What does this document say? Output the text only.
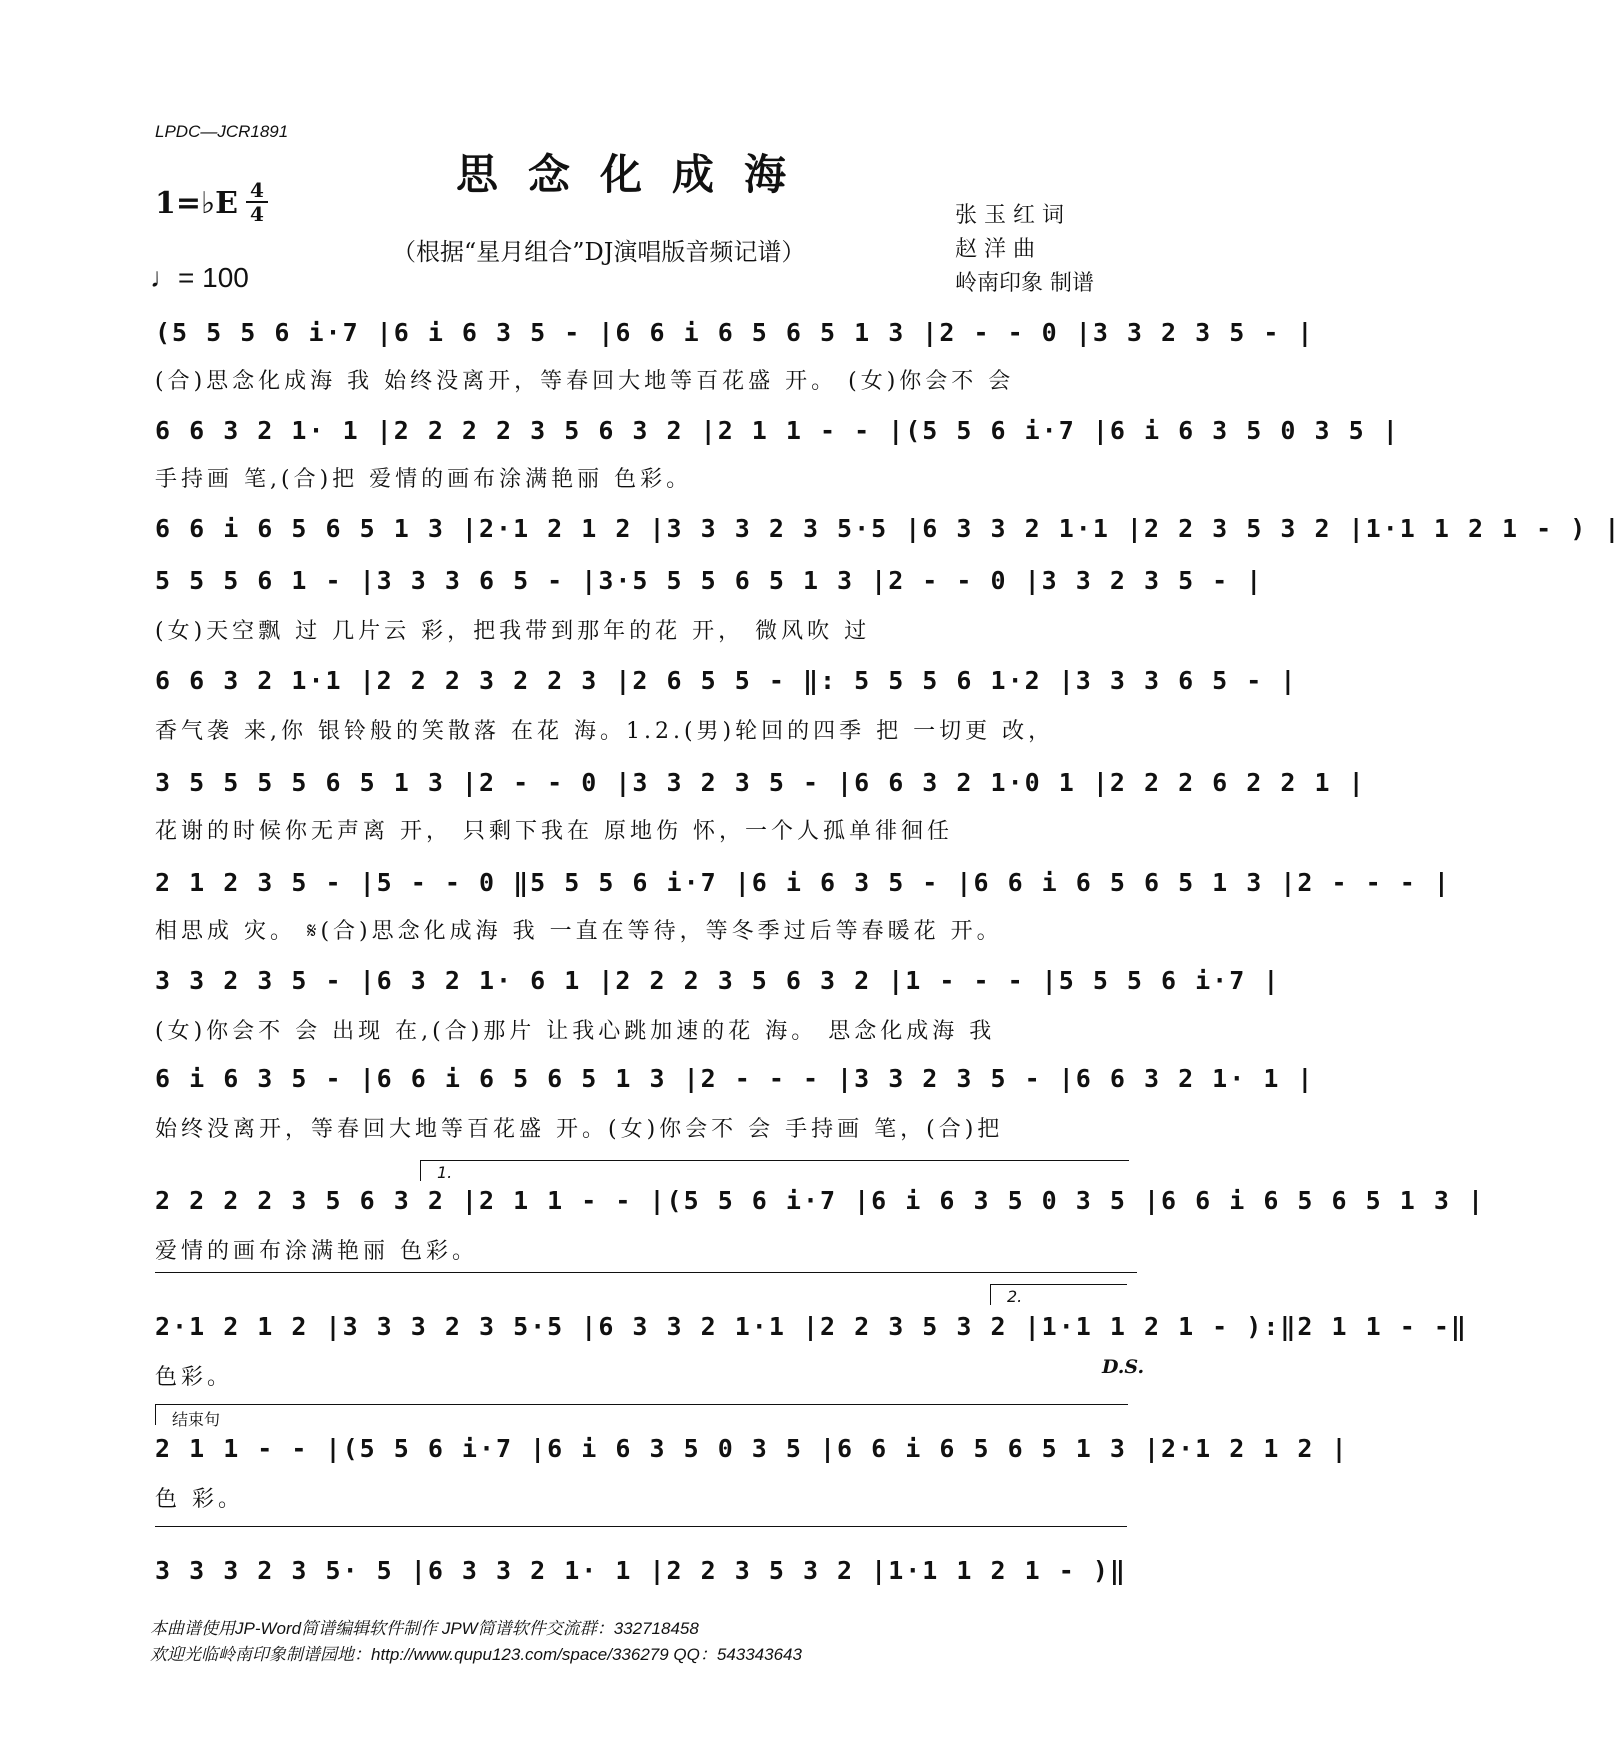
LPDC—JCR1891
思念化成海
1=♭E 4
4
（根据“星月组合”DJ演唱版音频记谱）
♩= 100
张 玉 红 词
赵 洋 曲
岭南印象 制谱
(5 5 5 6 i·7 |6 i 6 3 5 - |6 6 i 6 5 6 5 1 3 |2 - - 0 |3 3 2 3 5 - |
(合)思念化成海 我 始终没离开，等春回大地等百花盛 开。 (女)你会不 会
6 6 3 2 1· 1 |2 2 2 2 3 5 6 3 2 |2 1 1 - - |(5 5 6 i·7 |6 i 6 3 5 0 3 5 |
手持画 笔,(合)把 爱情的画布涂满艳丽 色彩。
6 6 i 6 5 6 5 1 3 |2·1 2 1 2 |3 3 3 2 3 5·5 |6 3 3 2 1·1 |2 2 3 5 3 2 |1·1 1 2 1 - ) |
5 5 5 6 1 - |3 3 3 6 5 - |3·5 5 5 6 5 1 3 |2 - - 0 |3 3 2 3 5 - |
(女)天空飘 过 几片云 彩，把我带到那年的花 开， 微风吹 过
6 6 3 2 1·1 |2 2 2 3 2 2 3 |2 6 5 5 - ‖: 5 5 5 6 1·2 |3 3 3 6 5 - |
香气袭 来,你 银铃般的笑散落 在花 海。1.2.(男)轮回的四季 把 一切更 改，
3 5 5 5 5 6 5 1 3 |2 - - 0 |3 3 2 3 5 - |6 6 3 2 1·0 1 |2 2 2 6 2 2 1 |
花谢的时候你无声离 开， 只剩下我在 原地伤 怀，一个人孤单徘徊任
2 1 2 3 5 - |5 - - 0 ‖5 5 5 6 i·7 |6 i 6 3 5 - |6 6 i 6 5 6 5 1 3 |2 - - - |
相思成 灾。 𝄋(合)思念化成海 我 一直在等待，等冬季过后等春暖花 开。
3 3 2 3 5 - |6 3 2 1· 6 1 |2 2 2 3 5 6 3 2 |1 - - - |5 5 5 6 i·7 |
(女)你会不 会 出现 在,(合)那片 让我心跳加速的花 海。 思念化成海 我
6 i 6 3 5 - |6 6 i 6 5 6 5 1 3 |2 - - - |3 3 2 3 5 - |6 6 3 2 1· 1 |
始终没离开，等春回大地等百花盛 开。(女)你会不 会 手持画 笔，(合)把
1.
2 2 2 2 3 5 6 3 2 |2 1 1 - - |(5 5 6 i·7 |6 i 6 3 5 0 3 5 |6 6 i 6 5 6 5 1 3 |
爱情的画布涂满艳丽 色彩。
2.
2·1 2 1 2 |3 3 3 2 3 5·5 |6 3 3 2 1·1 |2 2 3 5 3 2 |1·1 1 2 1 - ):‖2 1 1 - -‖
色彩。	D.S.
结束句
2 1 1 - - |(5 5 6 i·7 |6 i 6 3 5 0 3 5 |6 6 i 6 5 6 5 1 3 |2·1 2 1 2 |
色 彩。
3 3 3 2 3 5· 5 |6 3 3 2 1· 1 |2 2 3 5 3 2 |1·1 1 2 1 - )‖
本曲谱使用JP-Word简谱编辑软件制作 JPW简谱软件交流群：332718458
欢迎光临岭南印象制谱园地：http://www.qupu123.com/space/336279 QQ：543343643
